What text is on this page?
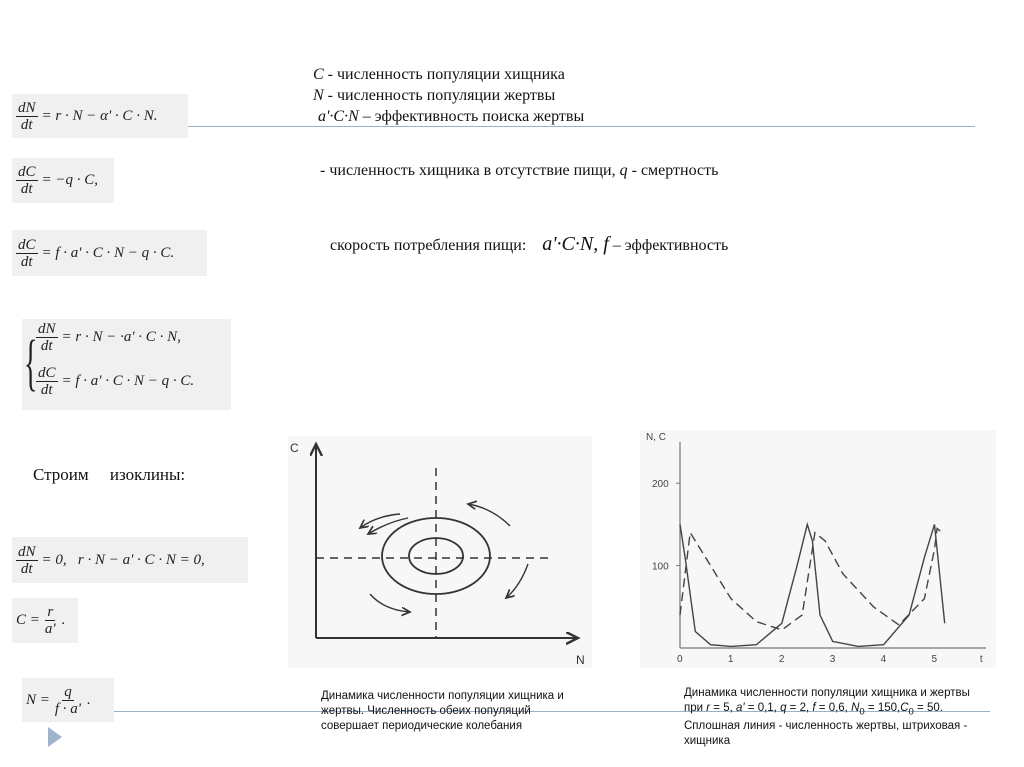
C - численность популяции хищника
N - численность популяции жертвы
a'·C·N – эффективность поиска жертвы
- численность хищника в отсутствие пищи, q - смертность
скорость потребления пищи: a'·C·N, f – эффективность
$\frac{dN}{dt} = r \cdot N - \alpha' \cdot C \cdot N$.
$\frac{dC}{dt} = -q \cdot C$,
$\frac{dC}{dt} = f \cdot a' \cdot C \cdot N - q \cdot C$.
{
$\frac{dN}{dt} = r \cdot N - \cdot a' \cdot C \cdot N$,
$\frac{dC}{dt} = f \cdot a' \cdot C \cdot N - q \cdot C$.
Строим     изоклины:
$\frac{dN}{dt} = 0$,   r · N − a' · C · N = 0,
$C = \frac{r}{a'}$ .
$N = \frac{q}{f \cdot a'}$ .
C
N
N, C
0	1	2	3	4	5	t
100
200
Динамика численности популяции хищника и жертвы. Численность обеих популяций совершает периодические колебания
Динамика численности популяции хищника и жертвы при r = 5, a' = 0,1, q = 2, f = 0,6, $N_0 = 150,C_0 = 50$. Сплошная линия - численность жертвы, штриховая - хищника
